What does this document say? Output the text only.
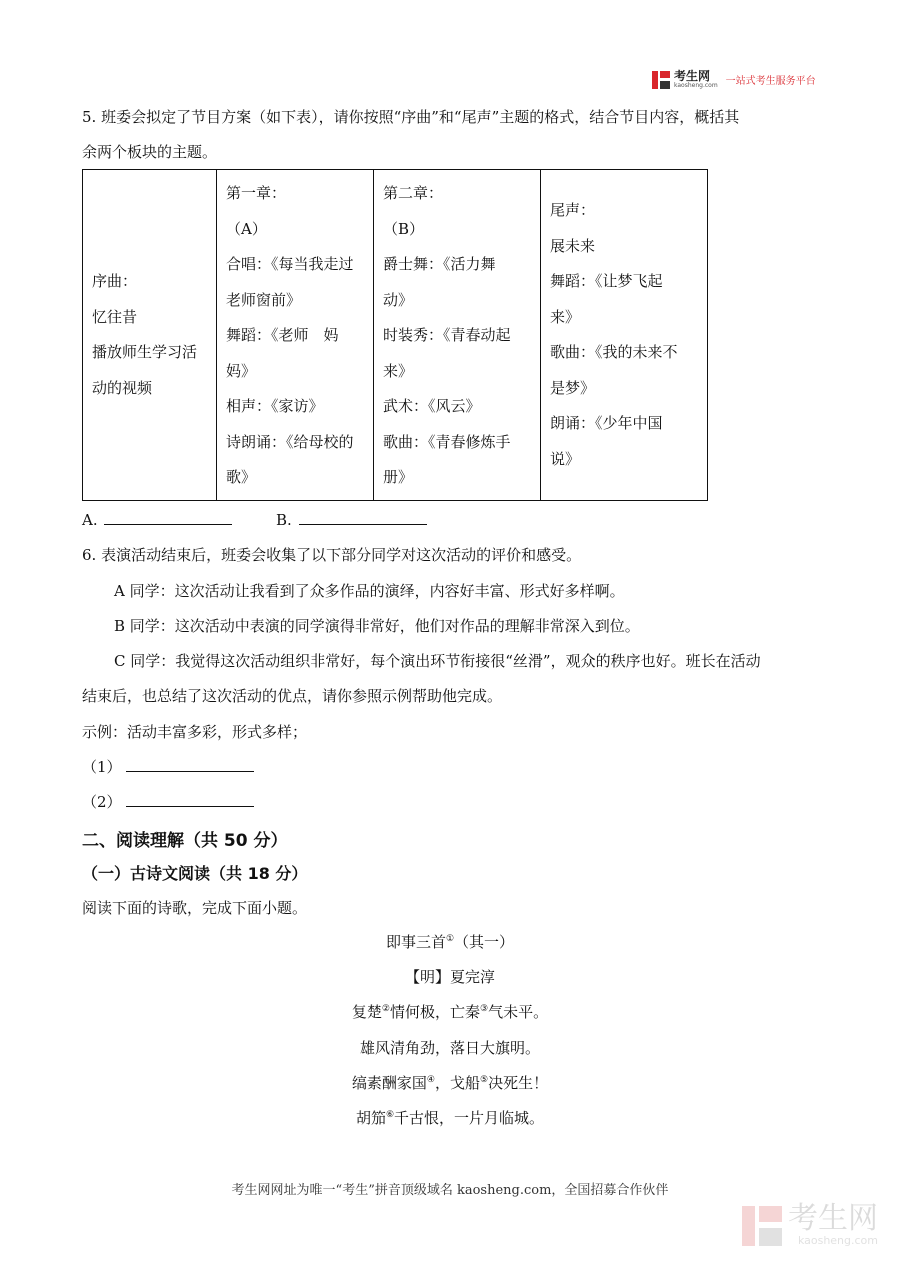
考生网
kaosheng.com 一站式考生服务平台
5. 班委会拟定了节目方案（如下表），请你按照“序曲”和“尾声”主题的格式，结合节目内容，概括其
余两个板块的主题。
序曲：
忆往昔
播放师生学习活
动的视频

第一章：
（A）
合唱：《每当我走过
老师窗前》
舞蹈：《老师　妈
妈》
相声：《家访》
诗朗诵：《给母校的
歌》

第二章：
（B）
爵士舞：《活力舞
动》
时装秀：《青春动起
来》
武术：《风云》
歌曲：《青春修炼手
册》

尾声：
展未来
舞蹈：《让梦飞起
来》
歌曲：《我的未来不
是梦》
朗诵：《少年中国
说》
A.	B.
6. 表演活动结束后，班委会收集了以下部分同学对这次活动的评价和感受。
A 同学：这次活动让我看到了众多作品的演绎，内容好丰富、形式好多样啊。
B 同学：这次活动中表演的同学演得非常好，他们对作品的理解非常深入到位。
C 同学：我觉得这次活动组织非常好，每个演出环节衔接很“丝滑”，观众的秩序也好。班长在活动
结束后，也总结了这次活动的优点，请你参照示例帮助他完成。
示例：活动丰富多彩，形式多样；
（1）
（2）
二、阅读理解（共 50 分）
（一）古诗文阅读（共 18 分）
阅读下面的诗歌，完成下面小题。
即事三首①（其一）
【明】夏完淳
复楚②情何极，亡秦③气未平。
雄风清角劲，落日大旗明。
缟素酬家国④，戈船⑤决死生！
胡笳⑥千古恨，一片月临城。
考生网网址为唯一“考生”拼音顶级域名 kaosheng.com，全国招募合作伙伴
考生网
kaosheng.com
